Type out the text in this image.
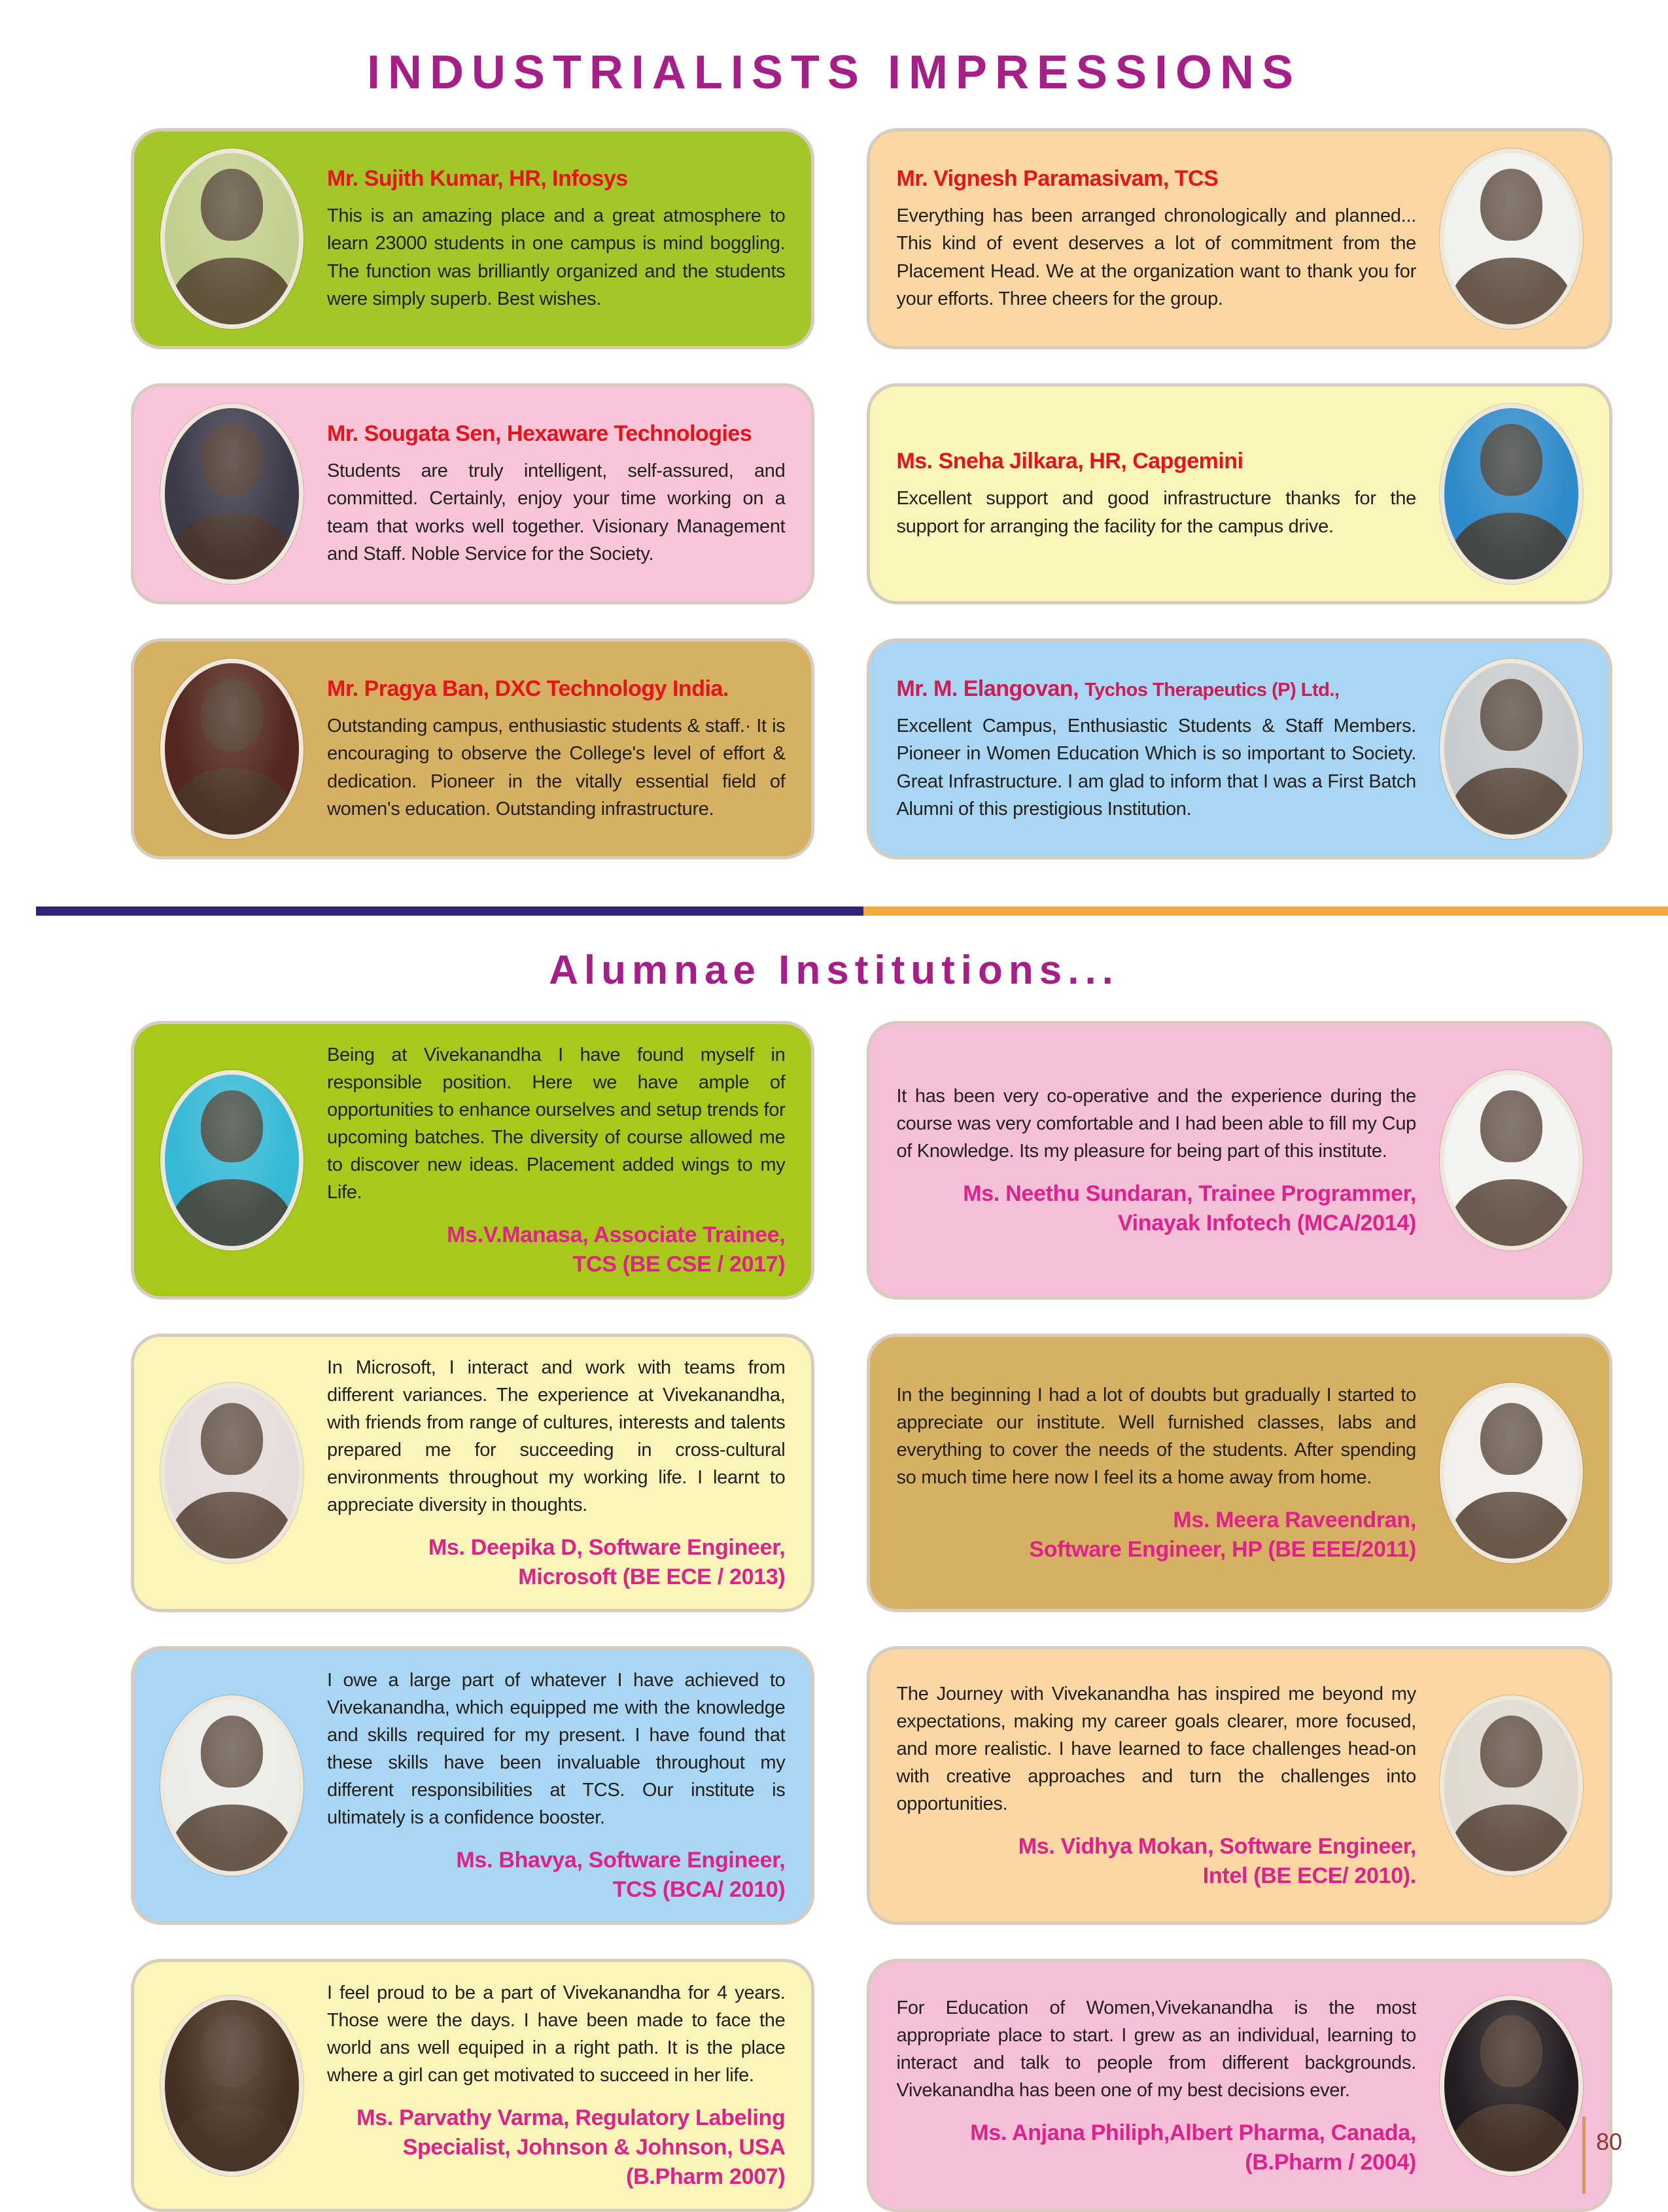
INDUSTRIALISTS IMPRESSIONS
Mr. Sujith Kumar, HR, Infosys

This is an amazing place and a great atmosphere to learn 23000 students in one campus is mind boggling. The function was brilliantly organized and the students were simply superb. Best wishes.

Mr. Vignesh Paramasivam, TCS

Everything has been arranged chronologically and planned... This kind of event deserves a lot of commitment from the Placement Head. We at the organization want to thank you for your efforts. Three cheers for the group.

Mr. Sougata Sen, Hexaware Technologies

Students are truly intelligent, self-assured, and committed. Certainly, enjoy your time working on a team that works well together. Visionary Management and Staff. Noble Service for the Society.

Ms. Sneha Jilkara, HR, Capgemini

Excellent support and good infrastructure thanks for the support for arranging the facility for the campus drive.

Mr. Pragya Ban, DXC Technology India.

Outstanding campus, enthusiastic students & staff.· It is encouraging to observe the College's level of effort & dedication. Pioneer in the vitally essential field of women's education. Outstanding infrastructure.

Mr. M. Elangovan, Tychos Therapeutics (P) Ltd.,

Excellent Campus, Enthusiastic Students & Staff Members. Pioneer in Women Education Which is so important to Society. Great Infrastructure. I am glad to inform that I was a First Batch Alumni of this prestigious Institution.

Alumnae Institutions...

Being at Vivekanandha I have found myself in responsible position. Here we have ample of opportunities to enhance ourselves and setup trends for upcoming batches. The diversity of course allowed me to discover new ideas. Placement added wings to my Life.

Ms.V.Manasa, Associate Trainee,
TCS (BE CSE / 2017)

It has been very co-operative and the experience during the course was very comfortable and I had been able to fill my Cup of Knowledge. Its my pleasure for being part of this institute.

Ms. Neethu Sundaran, Trainee Programmer,
Vinayak Infotech (MCA/2014)

In Microsoft, I interact and work with teams from different variances. The experience at Vivekanandha, with friends from range of cultures, interests and talents prepared me for succeeding in cross-cultural environments throughout my working life. I learnt to appreciate diversity in thoughts.

Ms. Deepika D, Software Engineer,
Microsoft (BE ECE / 2013)

In the beginning I had a lot of doubts but gradually I started to appreciate our institute. Well furnished classes, labs and everything to cover the needs of the students. After spending so much time here now I feel its a home away from home.

Ms. Meera Raveendran,
Software Engineer, HP (BE EEE/2011)

I owe a large part of whatever I have achieved to Vivekanandha, which equipped me with the knowledge and skills required for my present. I have found that these skills have been invaluable throughout my different responsibilities at TCS. Our institute is ultimately is a confidence booster.

Ms. Bhavya, Software Engineer,
TCS (BCA/ 2010)

The Journey with Vivekanandha has inspired me beyond my expectations, making my career goals clearer, more focused, and more realistic. I have learned to face challenges head-on with creative approaches and turn the challenges into opportunities.

Ms. Vidhya Mokan, Software Engineer,
Intel (BE ECE/ 2010).

I feel proud to be a part of Vivekanandha for 4 years. Those were the days. I have been made to face the world ans well equiped in a right path. It is the place where a girl can get motivated to succeed in her life.

Ms. Parvathy Varma, Regulatory Labeling
Specialist, Johnson & Johnson, USA
(B.Pharm 2007)

For Education of Women,Vivekanandha is the most appropriate place to start. I grew as an individual, learning to interact and talk to people from different backgrounds. Vivekanandha has been one of my best decisions ever.

Ms. Anjana Philiph,Albert Pharma, Canada,
(B.Pharm / 2004)
80
